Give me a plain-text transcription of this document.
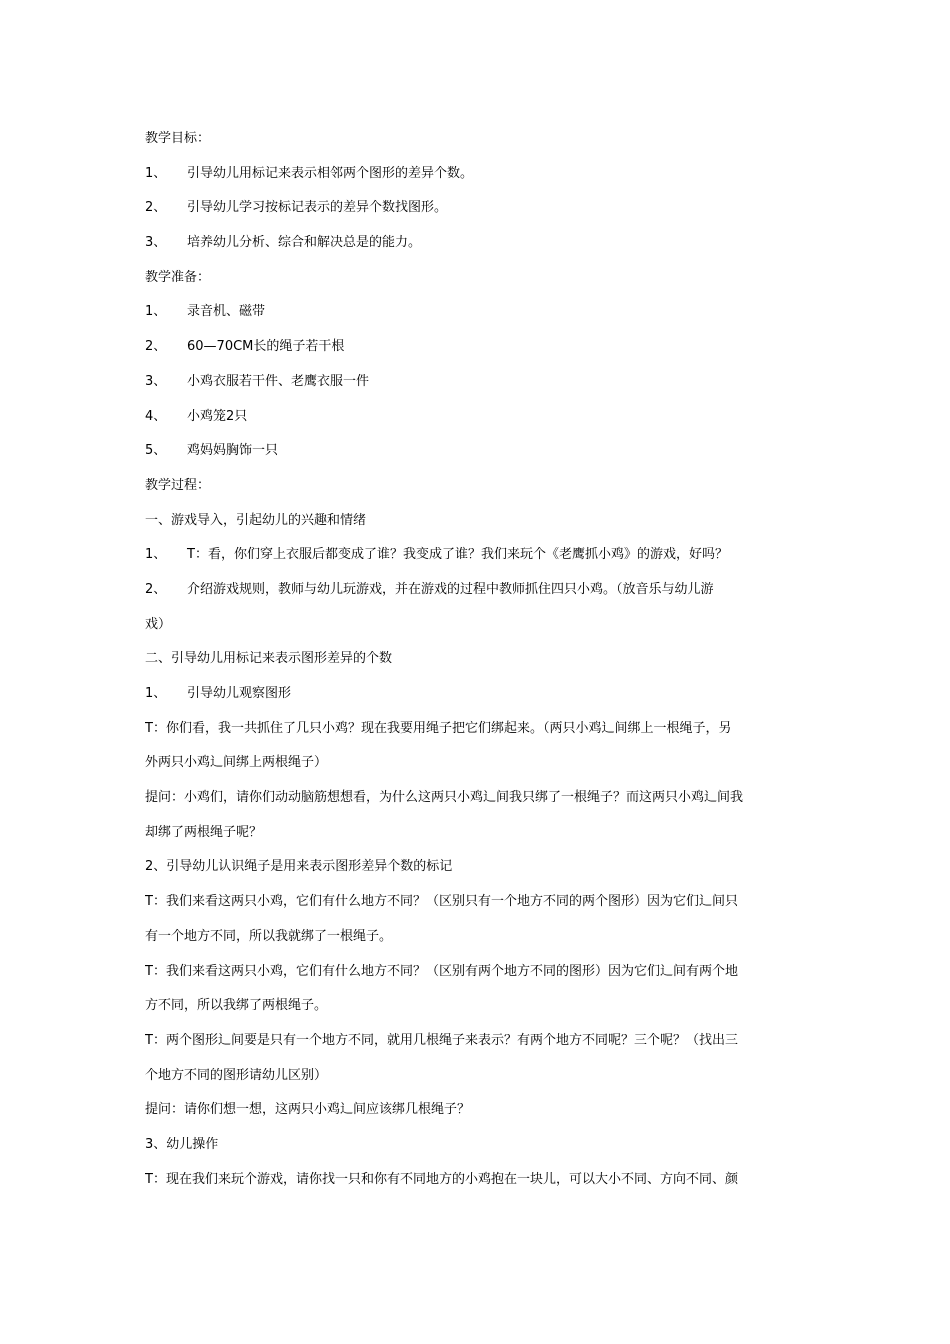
教学目标：
1、	引导幼儿用标记来表示相邻两个图形的差异个数。
2、	引导幼儿学习按标记表示的差异个数找图形。
3、	培养幼儿分析、综合和解决总是的能力。
教学准备：
1、	录音机、磁带
2、	60—70CM长的绳子若干根
3、	小鸡衣服若干件、老鹰衣服一件
4、	小鸡笼2只
5、	鸡妈妈胸饰一只
教学过程：
一、游戏导入，引起幼儿的兴趣和情绪
1、	T：看，你们穿上衣服后都变成了谁？我变成了谁？我们来玩个《老鹰抓小鸡》的游戏，好吗？
2、	介绍游戏规则，教师与幼儿玩游戏，并在游戏的过程中教师抓住四只小鸡。（放音乐与幼儿游
戏）
二、引导幼儿用标记来表示图形差异的个数
1、	引导幼儿观察图形
T：你们看，我一共抓住了几只小鸡？现在我要用绳子把它们绑起来。（两只小鸡辶间绑上一根绳子，另
外两只小鸡辶间绑上两根绳子）
提问：小鸡们，请你们动动脑筋想想看，为什么这两只小鸡辶间我只绑了一根绳子？而这两只小鸡辶间我
却绑了两根绳子呢？
2、引导幼儿认识绳子是用来表示图形差异个数的标记
T：我们来看这两只小鸡，它们有什么地方不同？（区别只有一个地方不同的两个图形）因为它们辶间只
有一个地方不同，所以我就绑了一根绳子。
T：我们来看这两只小鸡，它们有什么地方不同？（区别有两个地方不同的图形）因为它们辶间有两个地
方不同，所以我绑了两根绳子。
T：两个图形辶间要是只有一个地方不同，就用几根绳子来表示？有两个地方不同呢？三个呢？（找出三
个地方不同的图形请幼儿区别）
提问：请你们想一想，这两只小鸡辶间应该绑几根绳子？
3、幼儿操作
T：现在我们来玩个游戏，请你找一只和你有不同地方的小鸡抱在一块儿，可以大小不同、方向不同、颜
